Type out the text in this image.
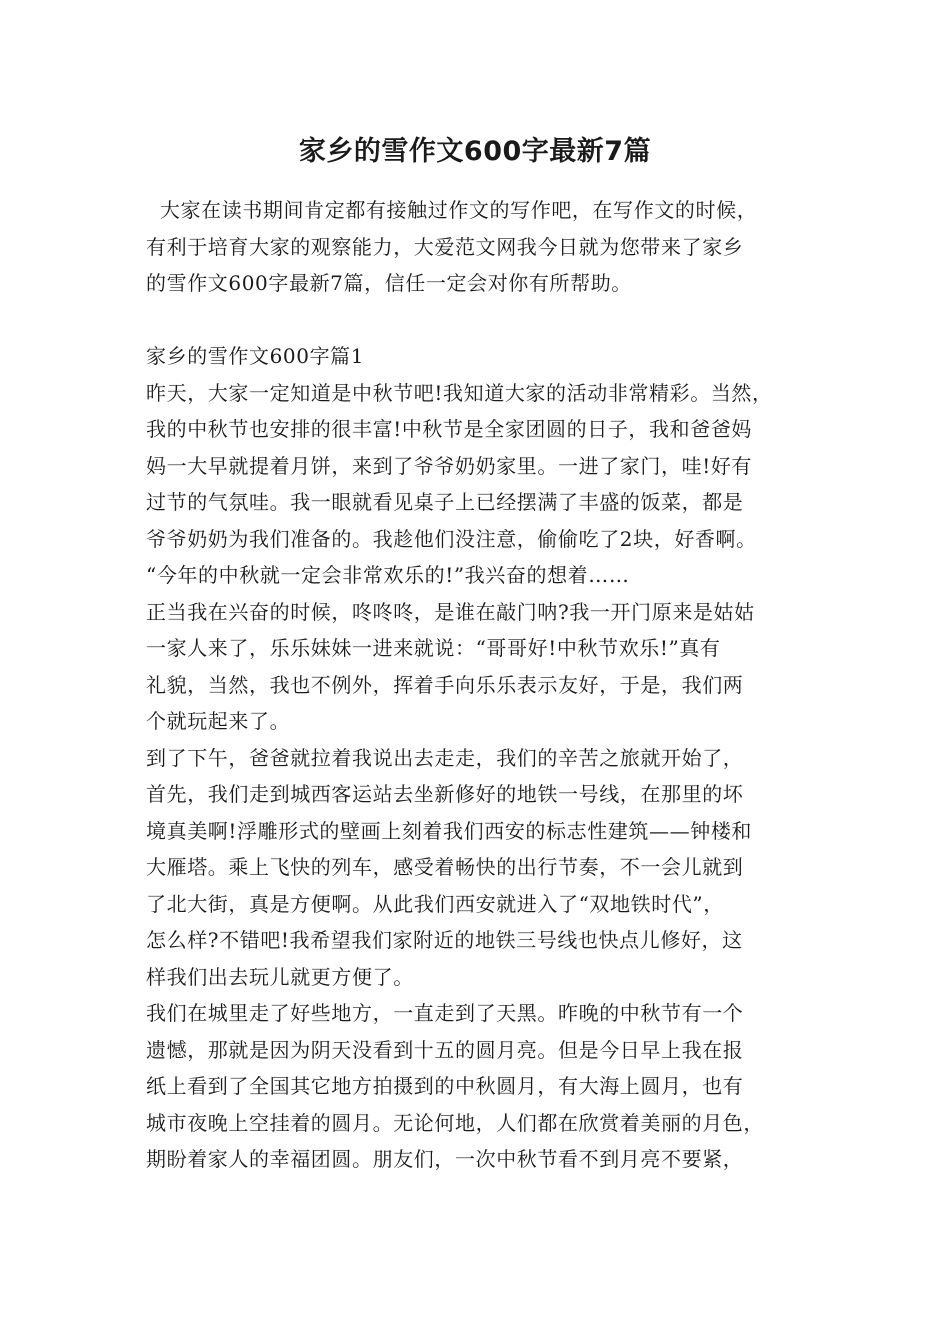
家乡的雪作文600字最新7篇
大家在读书期间肯定都有接触过作文的写作吧，在写作文的时候，
有利于培育大家的观察能力，大爱范文网我今日就为您带来了家乡
的雪作文600字最新7篇，信任一定会对你有所帮助。
家乡的雪作文600字篇1
昨天，大家一定知道是中秋节吧!我知道大家的活动非常精彩。当然，
我的中秋节也安排的很丰富!中秋节是全家团圆的日子，我和爸爸妈
妈一大早就提着月饼，来到了爷爷奶奶家里。一进了家门，哇!好有
过节的气氛哇。我一眼就看见桌子上已经摆满了丰盛的饭菜，都是
爷爷奶奶为我们准备的。我趁他们没注意，偷偷吃了2块，好香啊。
“今年的中秋就一定会非常欢乐的!”我兴奋的想着……
正当我在兴奋的时候，咚咚咚，是谁在敲门呐?我一开门原来是姑姑
一家人来了，乐乐妹妹一进来就说：“哥哥好!中秋节欢乐!”真有
礼貌，当然，我也不例外，挥着手向乐乐表示友好，于是，我们两
个就玩起来了。
到了下午，爸爸就拉着我说出去走走，我们的辛苦之旅就开始了，
首先，我们走到城西客运站去坐新修好的地铁一号线，在那里的坏
境真美啊!浮雕形式的壁画上刻着我们西安的标志性建筑——钟楼和
大雁塔。乘上飞快的列车，感受着畅快的出行节奏，不一会儿就到
了北大街，真是方便啊。从此我们西安就进入了“双地铁时代”，
怎么样?不错吧!我希望我们家附近的地铁三号线也快点儿修好，这
样我们出去玩儿就更方便了。
我们在城里走了好些地方，一直走到了天黑。昨晚的中秋节有一个
遗憾，那就是因为阴天没看到十五的圆月亮。但是今日早上我在报
纸上看到了全国其它地方拍摄到的中秋圆月，有大海上圆月，也有
城市夜晚上空挂着的圆月。无论何地，人们都在欣赏着美丽的月色，
期盼着家人的幸福团圆。朋友们，一次中秋节看不到月亮不要紧，
